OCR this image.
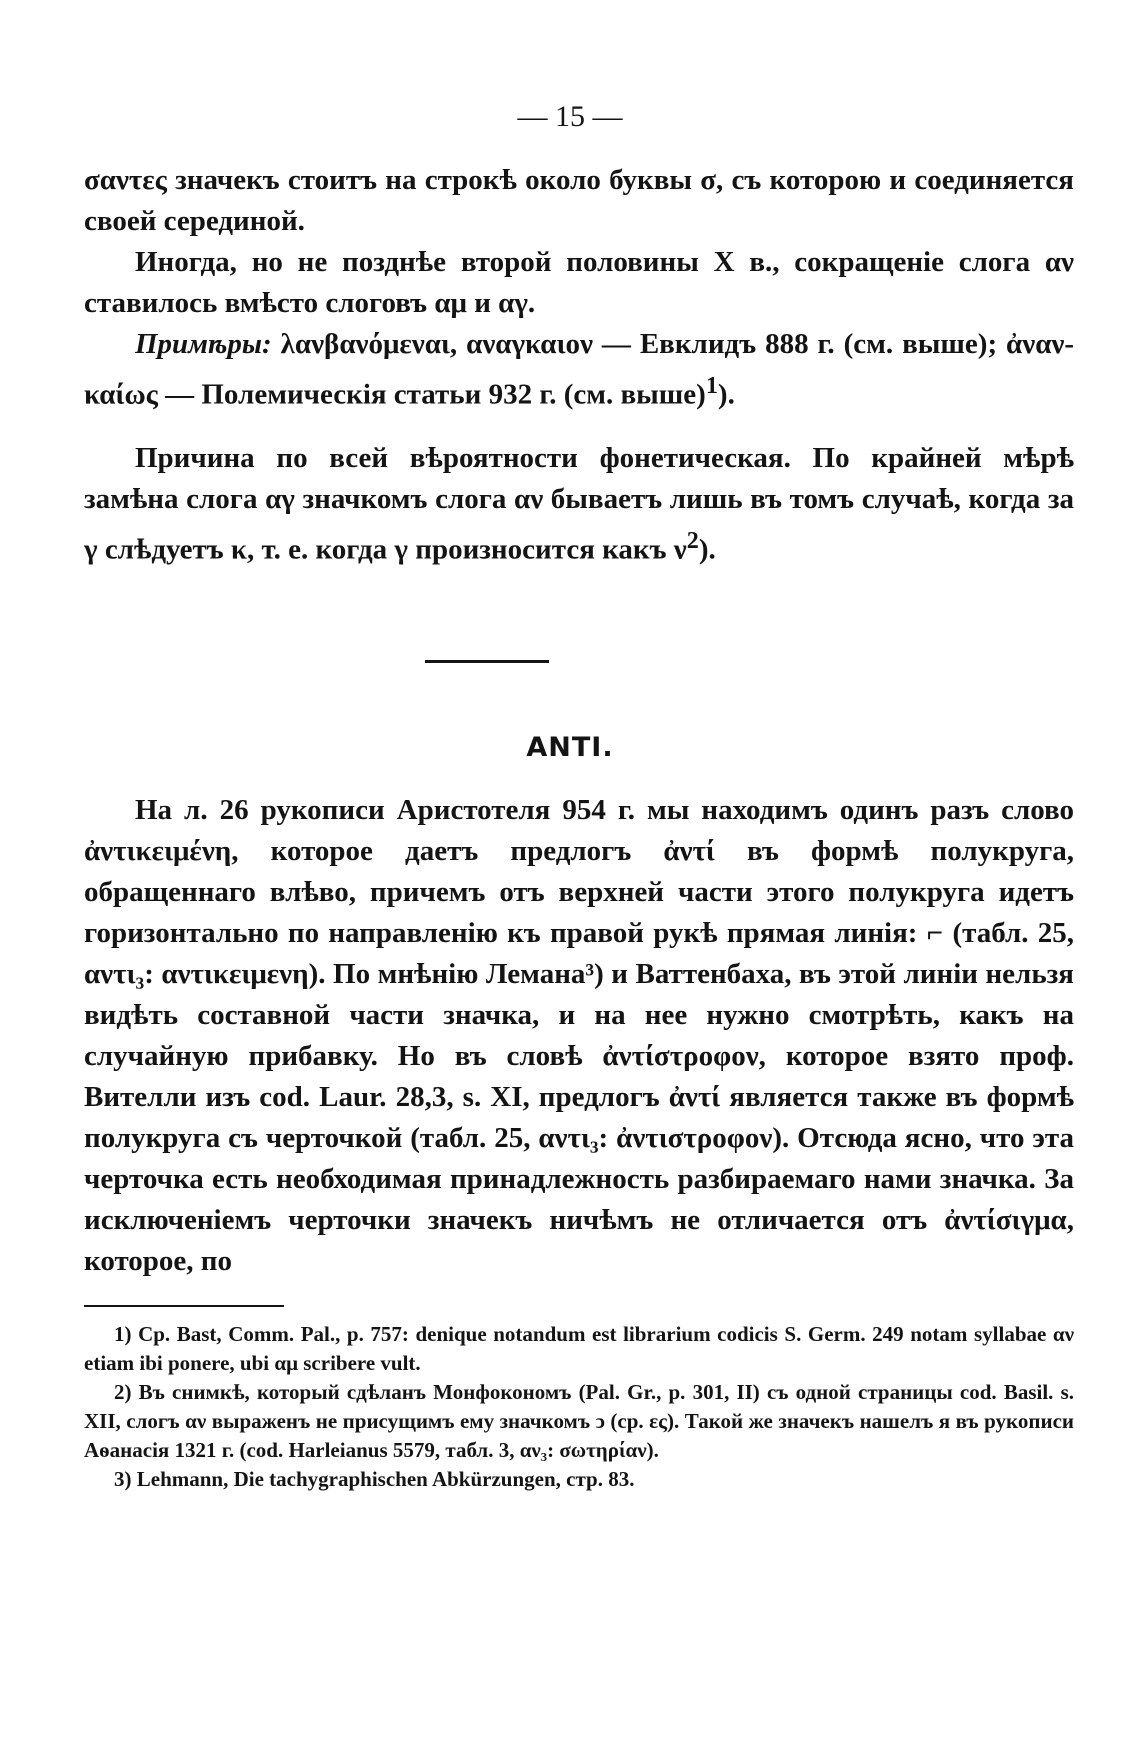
— 15 —

σαντες значекъ стоитъ на строкѣ около буквы σ, съ которою и соединяется своей серединой.

Иногда, но не позднѣе второй половины X в., сокращеніе слога αν ставилось вмѣсто слоговъ αμ и αγ.

Примѣры: λανβανόμεναι, αναγκαιον — Евклидъ 888 г. (см. выше); ἀναν-καίως — Полемическія статьи 932 г. (см. выше)$^1$).

Причина по всей вѣроятности фонетическая. По крайней мѣрѣ замѣна слога αγ значкомъ слога αν бываетъ лишь въ томъ случаѣ, когда за γ слѣдуетъ κ, т. е. когда γ произносится какъ $\nu^2$).

ANTI.

На л. 26 рукописи Аристотеля 954 г. мы находимъ одинъ разъ слово ἀντικειμένη, которое даетъ предлогъ ἀντί въ формѣ полукруга, обращеннаго влѣво, причемъ отъ верхней части этого полукруга идетъ горизонтально по направленію къ правой рукѣ прямая линія: ⌐ (табл. 25, αντι₃: αντικειμενη). По мнѣнію Лемана³) и Ваттенбаха, въ этой линіи нельзя видѣть составной части значка, и на нее нужно смотрѣть, какъ на случайную прибавку. Но въ словѣ ἀντίστροφον, которое взято проф. Вителли изъ cod. Laur. 28,3, s. XI, предлогъ ἀντί является также въ формѣ полукруга съ черточкой (табл. 25, αντι₃: ἀντιστροφον). Отсюда ясно, что эта черточка есть необходимая принадлежность разбираемаго нами значка. За исключеніемъ черточки значекъ ничѣмъ не отличается отъ ἀντίσιγμα, которое, по

1) Ср. Bast, Comm. Pal., p. 757: denique notandum est librarium codicis S. Germ. 249 notam syllabae αν etiam ibi ponere, ubi αμ scribere vult.

2) Въ снимкѣ, который сдѣланъ Монфокономъ (Pal. Gr., p. 301, II) съ одной страницы cod. Basil. s. XII, слогъ αν выраженъ не присущимъ ему значкомъ ↄ (ср. ες). Такой же значекъ нашелъ я въ рукописи Аѳанасія 1321 г. (cod. Harleianus 5579, табл. 3, αν₃: σωτηρίαν).

3) Lehmann, Die tachygraphischen Abkürzungen, стр. 83.
